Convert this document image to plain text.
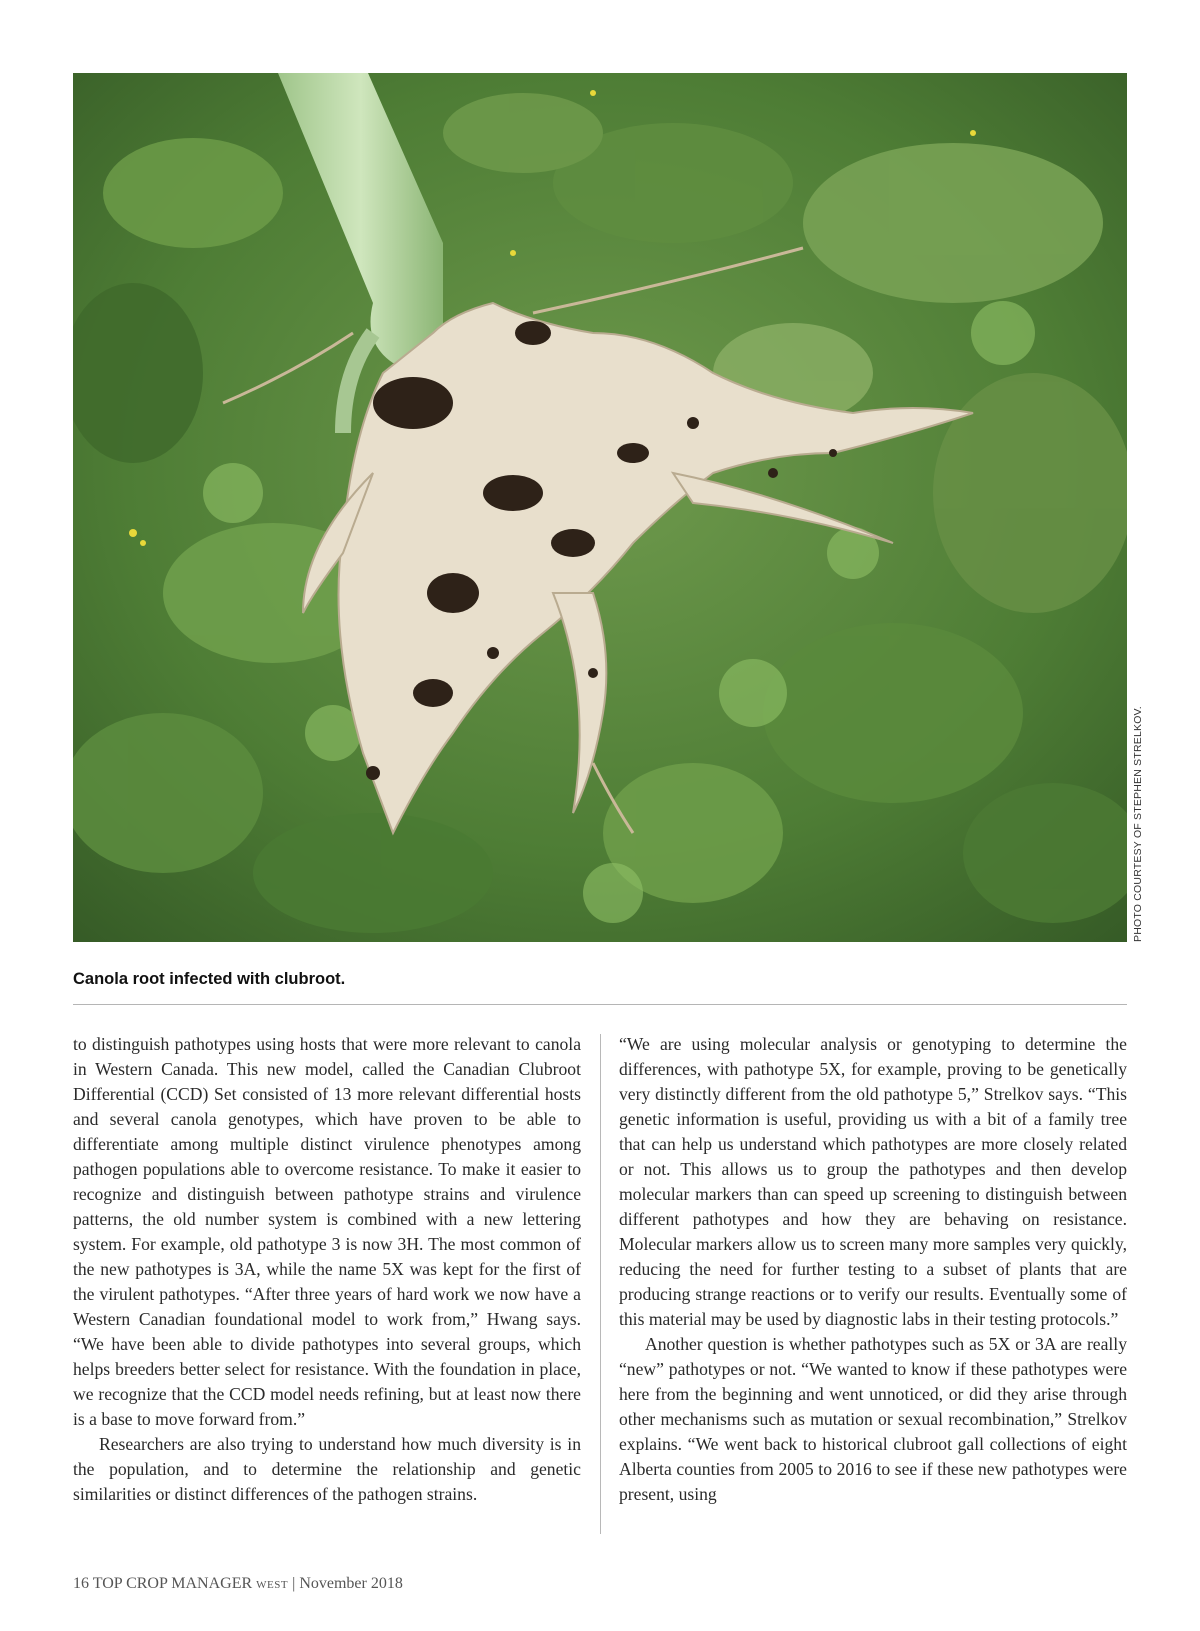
PHOTO COURTESY OF STEPHEN STRELKOV.
Canola root infected with clubroot.

to distinguish pathotypes using hosts that were more relevant to canola in Western Canada. This new model, called the Canadian Clubroot Differential (CCD) Set consisted of 13 more relevant differential hosts and several canola genotypes, which have proven to be able to differentiate among multiple distinct virulence phenotypes among pathogen populations able to overcome resistance. To make it easier to recognize and distinguish between pathotype strains and virulence patterns, the old number system is combined with a new lettering system. For example, old pathotype 3 is now 3H. The most common of the new pathotypes is 3A, while the name 5X was kept for the first of the virulent pathotypes. “After three years of hard work we now have a Western Canadian foundational model to work from,” Hwang says. “We have been able to divide pathotypes into several groups, which helps breeders better select for resistance. With the foundation in place, we recognize that the CCD model needs refining, but at least now there is a base to move forward from.”

Researchers are also trying to understand how much diversity is in the population, and to determine the relationship and genetic similarities or distinct differences of the pathogen strains.

“We are using molecular analysis or genotyping to determine the differences, with pathotype 5X, for example, proving to be genetically very distinctly different from the old pathotype 5,” Strelkov says. “This genetic information is useful, providing us with a bit of a family tree that can help us understand which pathotypes are more closely related or not. This allows us to group the pathotypes and then develop molecular markers than can speed up screening to distinguish between different pathotypes and how they are behaving on resistance. Molecular markers allow us to screen many more samples very quickly, reducing the need for further testing to a subset of plants that are producing strange reactions or to verify our results. Eventually some of this material may be used by diagnostic labs in their testing protocols.”

Another question is whether pathotypes such as 5X or 3A are really “new” pathotypes or not. “We wanted to know if these pathotypes were here from the beginning and went unnoticed, or did they arise through other mechanisms such as mutation or sexual recombination,” Strelkov explains. “We went back to historical clubroot gall collections of eight Alberta counties from 2005 to 2016 to see if these new pathotypes were present, using

16 TOP CROP MANAGER WEST | November 2018
